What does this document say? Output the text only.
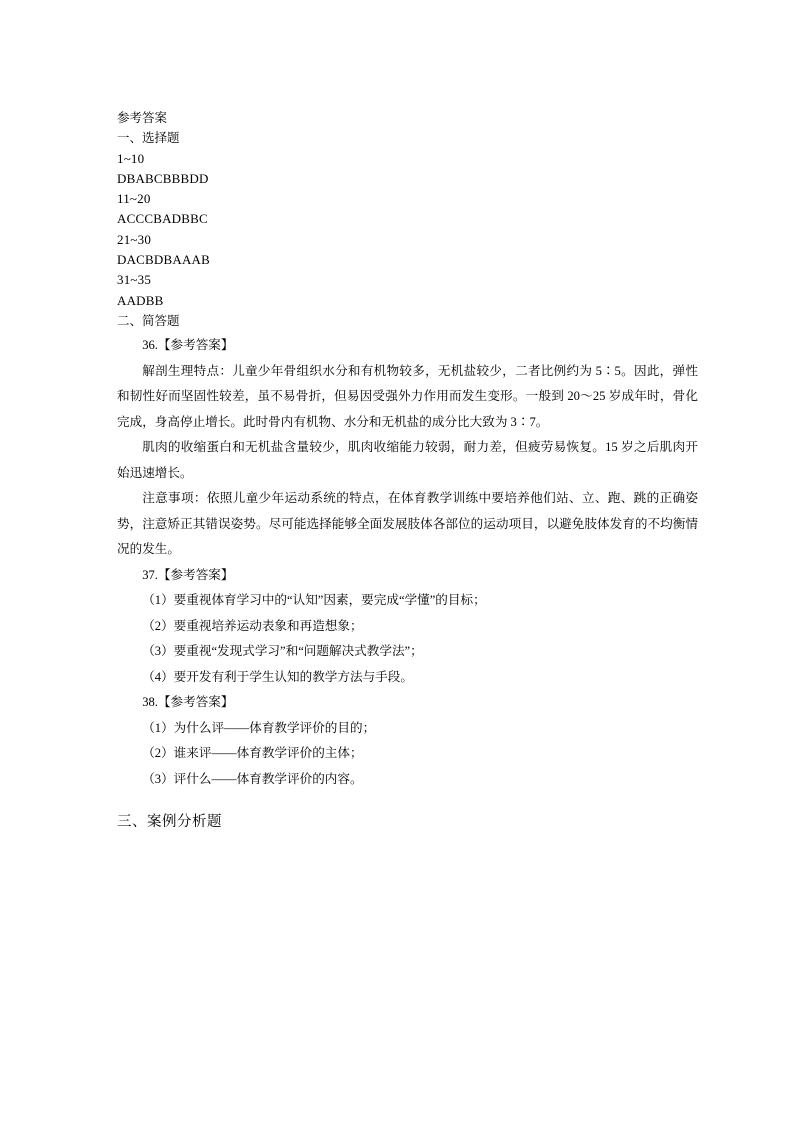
参考答案
一、选择题
1~10
DBABCBBBDD
11~20
ACCCBADBBC
21~30
DACBDBAAAB
31~35
AADBB
二、简答题

36.【参考答案】

解剖生理特点：儿童少年骨组织水分和有机物较多，无机盐较少，二者比例约为 5∶5。因此，弹性和韧性好而坚固性较差，虽不易骨折，但易因受强外力作用而发生变形。一般到 20～25 岁成年时，骨化完成，身高停止增长。此时骨内有机物、水分和无机盐的成分比大致为 3∶7。

肌肉的收缩蛋白和无机盐含量较少，肌肉收缩能力较弱，耐力差，但疲劳易恢复。15 岁之后肌肉开始迅速增长。

注意事项：依照儿童少年运动系统的特点，在体育教学训练中要培养他们站、立、跑、跳的正确姿势，注意矫正其错误姿势。尽可能选择能够全面发展肢体各部位的运动项目，以避免肢体发育的不均衡情况的发生。

37.【参考答案】

（1）要重视体育学习中的“认知”因素，要完成“学懂”的目标；

（2）要重视培养运动表象和再造想象；

（3）要重视“发现式学习”和“问题解决式教学法”；

（4）要开发有利于学生认知的教学方法与手段。

38.【参考答案】

（1）为什么评——体育教学评价的目的；

（2）谁来评——体育教学评价的主体；

（3）评什么——体育教学评价的内容。

三、案例分析题
